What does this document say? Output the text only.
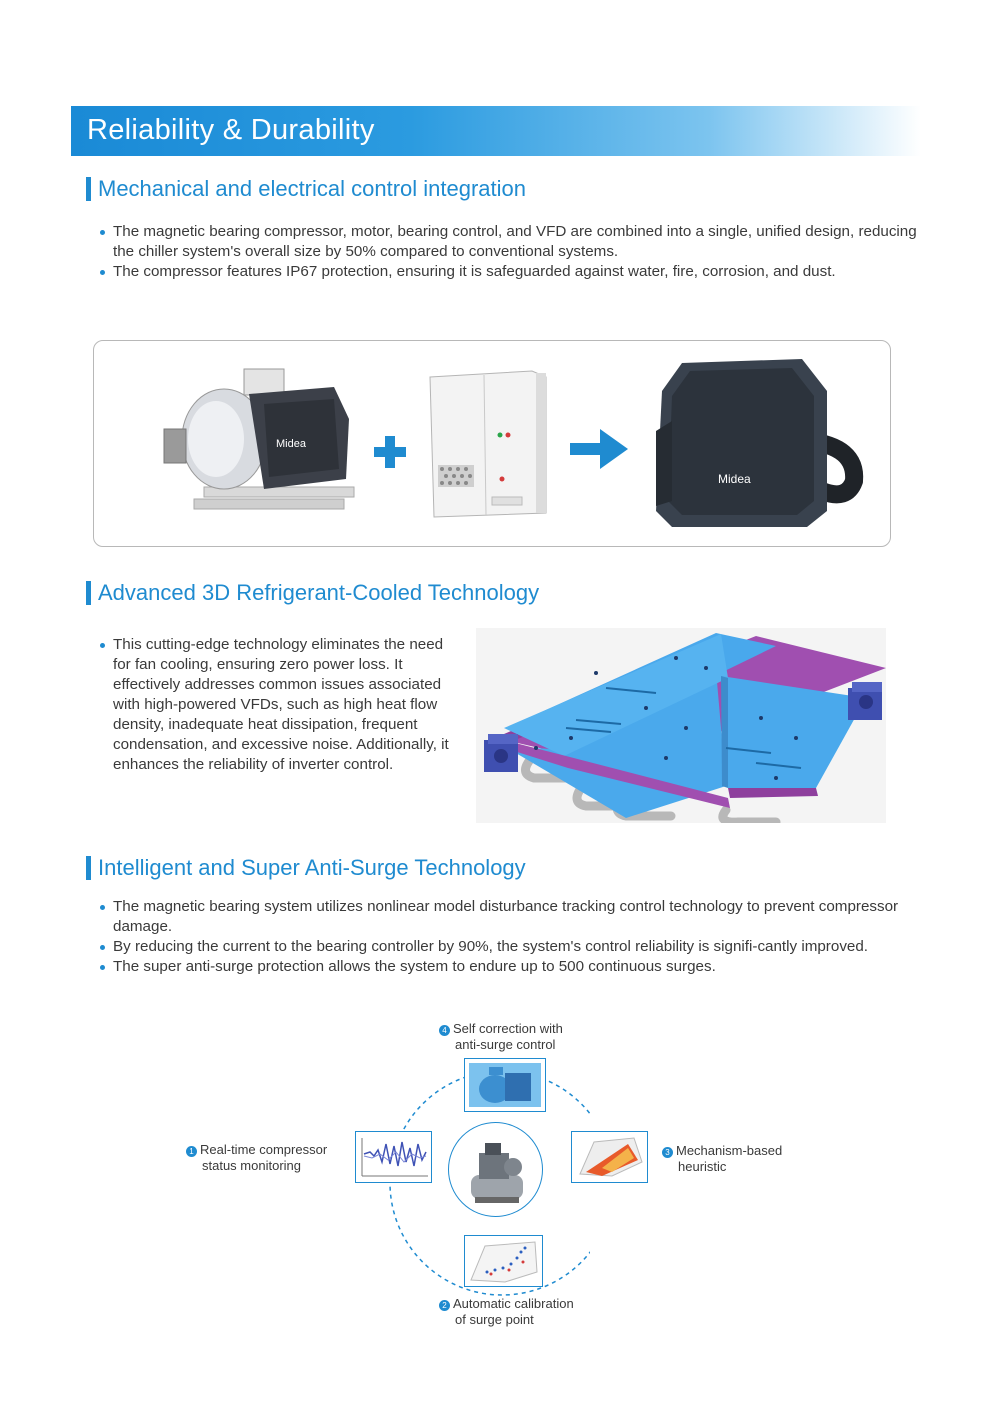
Reliability & Durability
Mechanical and electrical control integration
The magnetic bearing compressor, motor, bearing control, and VFD are combined into a single, unified design, reducing the chiller system's overall size by 50% compared to conventional systems.
The compressor features IP67 protection, ensuring it is safeguarded against water, fire, corrosion, and dust.
Midea
Midea
Advanced 3D Refrigerant-Cooled Technology
This cutting-edge technology eliminates the need for fan cooling, ensuring zero power loss. It effectively addresses common issues associated with high-powered VFDs, such as high heat flow density, inadequate heat dissipation, frequent condensation, and excessive noise. Additionally, it enhances the reliability of inverter control.
Intelligent and Super Anti-Surge Technology
The magnetic bearing system utilizes nonlinear model disturbance tracking control technology to prevent compressor damage.
By reducing the current to the bearing controller by 90%, the system's control reliability is signifi-cantly improved.
The super anti-surge protection allows the system to endure up to 500 continuous surges.
4 Self correction with
anti-surge control
1 Real-time compressor
status monitoring
3 Mechanism-based
heuristic
2 Automatic calibration
of surge point
